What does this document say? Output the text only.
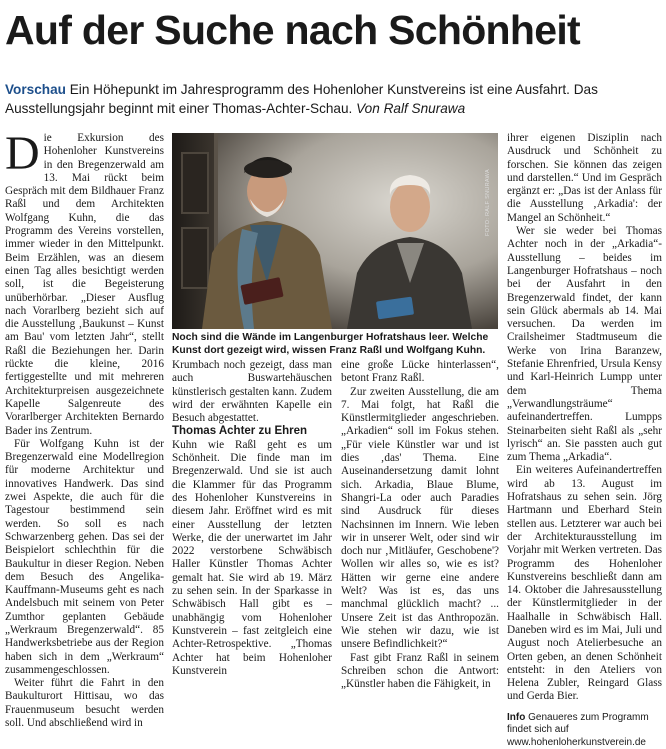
Auf der Suche nach Schönheit
Vorschau Ein Höhepunkt im Jahresprogramm des Hohenloher Kunstvereins ist eine Ausfahrt. Das Ausstellungsjahr beginnt mit einer Thomas-Achter-Schau. Von Ralf Snurawa

Die Exkursion des Hohenloher Kunstvereins in den Bregenzerwald am 13. Mai rückt beim Gespräch mit dem Bildhauer Franz Raßl und dem Architekten Wolfgang Kuhn, die das Programm des Vereins vorstellen, immer wieder in den Mittelpunkt. Beim Erzählen, was an diesem einen Tag alles besichtigt werden soll, ist die Begeisterung unüberhörbar. „Dieser Ausflug nach Vorarlberg bezieht sich auf die Ausstellung ‚Baukunst – Kunst am Bau' vom letzten Jahr“, stellt Raßl die Beziehungen her. Darin rückte die kleine, 2016 fertiggestellte und mit mehreren Architekturpreisen ausgezeichnete Kapelle Salgenreute des Vorarlberger Architekten Bernardo Bader ins Zentrum.

Für Wolfgang Kuhn ist der Bregenzerwald eine Modellregion für moderne Architektur und innovatives Handwerk. Das sind zwei Aspekte, die auch für die Tagestour bestimmend sein werden. So soll es nach Schwarzenberg gehen. Das sei der Beispielort schlechthin für die Baukultur in dieser Region. Neben dem Besuch des Angelika-Kauffmann-Museums geht es nach Andelsbuch mit seinem von Peter Zumthor geplanten Gebäude „Werkraum Bregenzerwald“. 85 Handwerksbetriebe aus der Region haben sich in dem „Werkraum“ zusammengeschlossen.

Weiter führt die Fahrt in den Baukulturort Hittisau, wo das Frauenmuseum besucht werden soll. Und abschließend wird in

FOTO: RALF SNURAWA
Noch sind die Wände im Langenburger Hofratshaus leer. Welche Kunst dort gezeigt wird, wissen Franz Raßl und Wolfgang Kuhn.

Krumbach noch gezeigt, dass man auch Buswartehäuschen künstlerisch gestalten kann. Zudem wird der erwähnten Kapelle ein Besuch abgestattet.

Thomas Achter zu Ehren

Kuhn wie Raßl geht es um Schönheit. Die finde man im Bregenzerwald. Und sie ist auch die Klammer für das Programm des Hohenloher Kunstvereins in diesem Jahr. Eröffnet wird es mit einer Ausstellung der letzten Werke, die der unerwartet im Jahr 2022 verstorbene Schwäbisch Haller Künstler Thomas Achter gemalt hat. Sie wird ab 19. März zu sehen sein. In der Sparkasse in Schwäbisch Hall gibt es – unabhängig vom Hohenloher Kunstverein – fast zeitgleich eine Achter-Retrospektive. „Thomas Achter hat beim Hohenloher Kunstverein

eine große Lücke hinterlassen“, betont Franz Raßl.

Zur zweiten Ausstellung, die am 7. Mai folgt, hat Raßl die Künstlermitglieder angeschrieben. „Arkadien“ soll im Fokus stehen. „Für viele Künstler war und ist dies ‚das' Thema. Eine Auseinandersetzung damit lohnt sich. Arkadia, Blaue Blume, Shangri-La oder auch Paradies sind Ausdruck für dieses Nachsinnen im Innern. Wie leben wir in unserer Welt, oder sind wir doch nur ‚Mitläufer, Geschobene'? Wollen wir alles so, wie es ist? Hätten wir gerne eine andere Welt? Was ist es, das uns manchmal glücklich macht? ... Unsere Zeit ist das Anthropozän. Wie stehen wir dazu, wie ist unsere Befindlichkeit?“

Fast gibt Franz Raßl in seinem Schreiben schon die Antwort: „Künstler haben die Fähigkeit, in

ihrer eigenen Disziplin nach Ausdruck und Schönheit zu forschen. Sie können das zeigen und darstellen.“ Und im Gespräch ergänzt er: „Das ist der Anlass für die Ausstellung ‚Arkadia': der Mangel an Schönheit.“

Wer sie weder bei Thomas Achter noch in der „Arkadia“-Ausstellung – beides im Langenburger Hofratshaus – noch bei der Ausfahrt in den Bregenzerwald findet, der kann sein Glück abermals ab 14. Mai versuchen. Da werden im Crailsheimer Stadtmuseum die Werke von Irina Baranzew, Stefanie Ehrenfried, Ursula Kensy und Karl-Heinrich Lumpp unter dem Thema „Verwandlungsträume“ aufeinandertreffen. Lumpps Steinarbeiten sieht Raßl als „sehr lyrisch“ an. Sie passten auch gut zum Thema „Arkadia“.

Ein weiteres Aufeinandertreffen wird ab 13. August im Hofratshaus zu sehen sein. Jörg Hartmann und Eberhard Stein stellen aus. Letzterer war auch bei der Architekturausstellung im Vorjahr mit Werken vertreten. Das Programm des Hohenloher Kunstvereins beschließt dann am 14. Oktober die Jahresausstellung der Künstlermitglieder in der Haalhalle in Schwäbisch Hall. Daneben wird es im Mai, Juli und August noch Atelierbesuche an Orten geben, an denen Schönheit entsteht: in den Ateliers von Helena Zubler, Reingard Glass und Gerda Bier.

Info Genaueres zum Programm findet sich auf www.hohenloherkunstverein.de
